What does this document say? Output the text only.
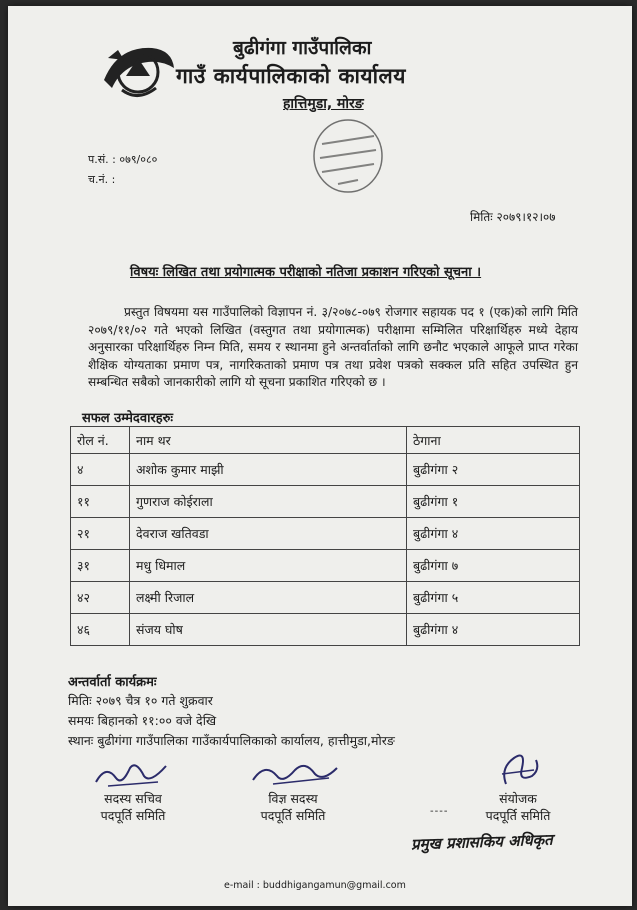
बुढीगंगा गाउँपालिका
गाउँ कार्यपालिकाको कार्यालय
हात्तिमुडा, मोरङ
प.सं. : ०७९/०८०
च.नं. :
मितिः २०७९।१२।०७
विषयः लिखित तथा प्रयोगात्मक परीक्षाको नतिजा प्रकाशन गरिएको सूचना ।

प्रस्तुत विषयमा यस गाउँपालिको विज्ञापन नं. ३/२०७८-०७९ रोजगार सहायक पद १ (एक)को लागि मिति २०७९/११/०२ गते भएको लिखित (वस्तुगत तथा प्रयोगात्मक) परीक्षामा सम्मिलित परिक्षार्थिहरु मध्ये देहाय अनुसारका परिक्षार्थिहरु निम्न मिति, समय र स्थानमा हुने अन्तर्वार्ताको लागि छनौट भएकाले आफूले प्राप्त गरेका शैक्षिक योग्यताका प्रमाण पत्र, नागरिकताको प्रमाण पत्र तथा प्रवेश पत्रको सक्कल प्रति सहित उपस्थित हुन सम्बन्धित सबैको जानकारीको लागि यो सूचना प्रकाशित गरिएको छ ।

सफल उम्मेदवारहरुः
रोल नं.	नाम थर	ठेगाना
४	अशोक कुमार माझी	बुढीगंगा २
११	गुणराज कोईराला	बुढीगंगा १
२१	देवराज खतिवडा	बुढीगंगा ४
३१	मधु धिमाल	बुढीगंगा ७
४२	लक्ष्मी रिजाल	बुढीगंगा ५
४६	संजय घोष	बुढीगंगा ४
अन्तर्वार्ता कार्यक्रमः
मितिः २०७९ चैत्र १० गते शुक्रवार
समयः बिहानको ११:०० वजे देखि
स्थानः बुढीगंगा गाउँपालिका गाउँकार्यपालिकाको कार्यालय, हात्तीमुडा,मोरङ
सदस्य सचिव
पदपूर्ति समिति
विज्ञ सदस्य
पदपूर्ति समिति
संयोजक
पदपूर्ति समिति
----
प्रमुख प्रशासकिय अधिकृत
e-mail : buddhigangamun@gmail.com
